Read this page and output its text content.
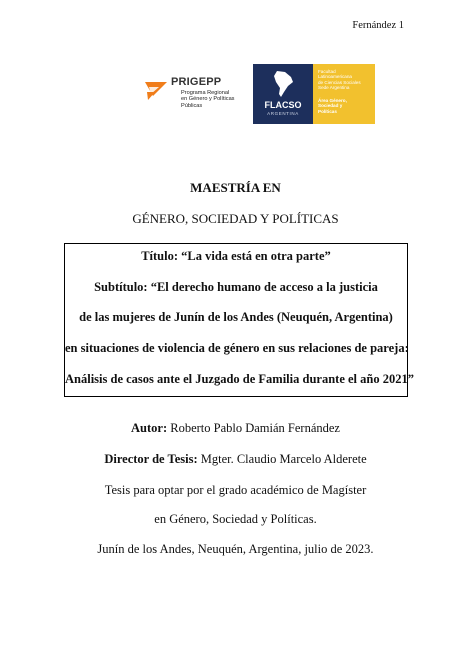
Fernández 1
PRIGEPP
Programa Regional
en Género y Políticas
Públicas	FLACSO
ARGENTINA
Facultad
Latinoamericana
de Ciencias Sociales
Sede Argentina
Área Género,
Sociedad y
Políticas
MAESTRÍA EN
GÉNERO, SOCIEDAD Y POLÍTICAS
Título: “La vida está en otra parte”
Subtítulo: “El derecho humano de acceso a la justicia
de las mujeres de Junín de los Andes (Neuquén, Argentina)
en situaciones de violencia de género en sus relaciones de pareja:
Análisis de casos ante el Juzgado de Familia durante el año 2021”
Autor: Roberto Pablo Damián Fernández
Director de Tesis: Mgter. Claudio Marcelo Alderete
Tesis para optar por el grado académico de Magíster
en Género, Sociedad y Políticas.
Junín de los Andes, Neuquén, Argentina, julio de 2023.
